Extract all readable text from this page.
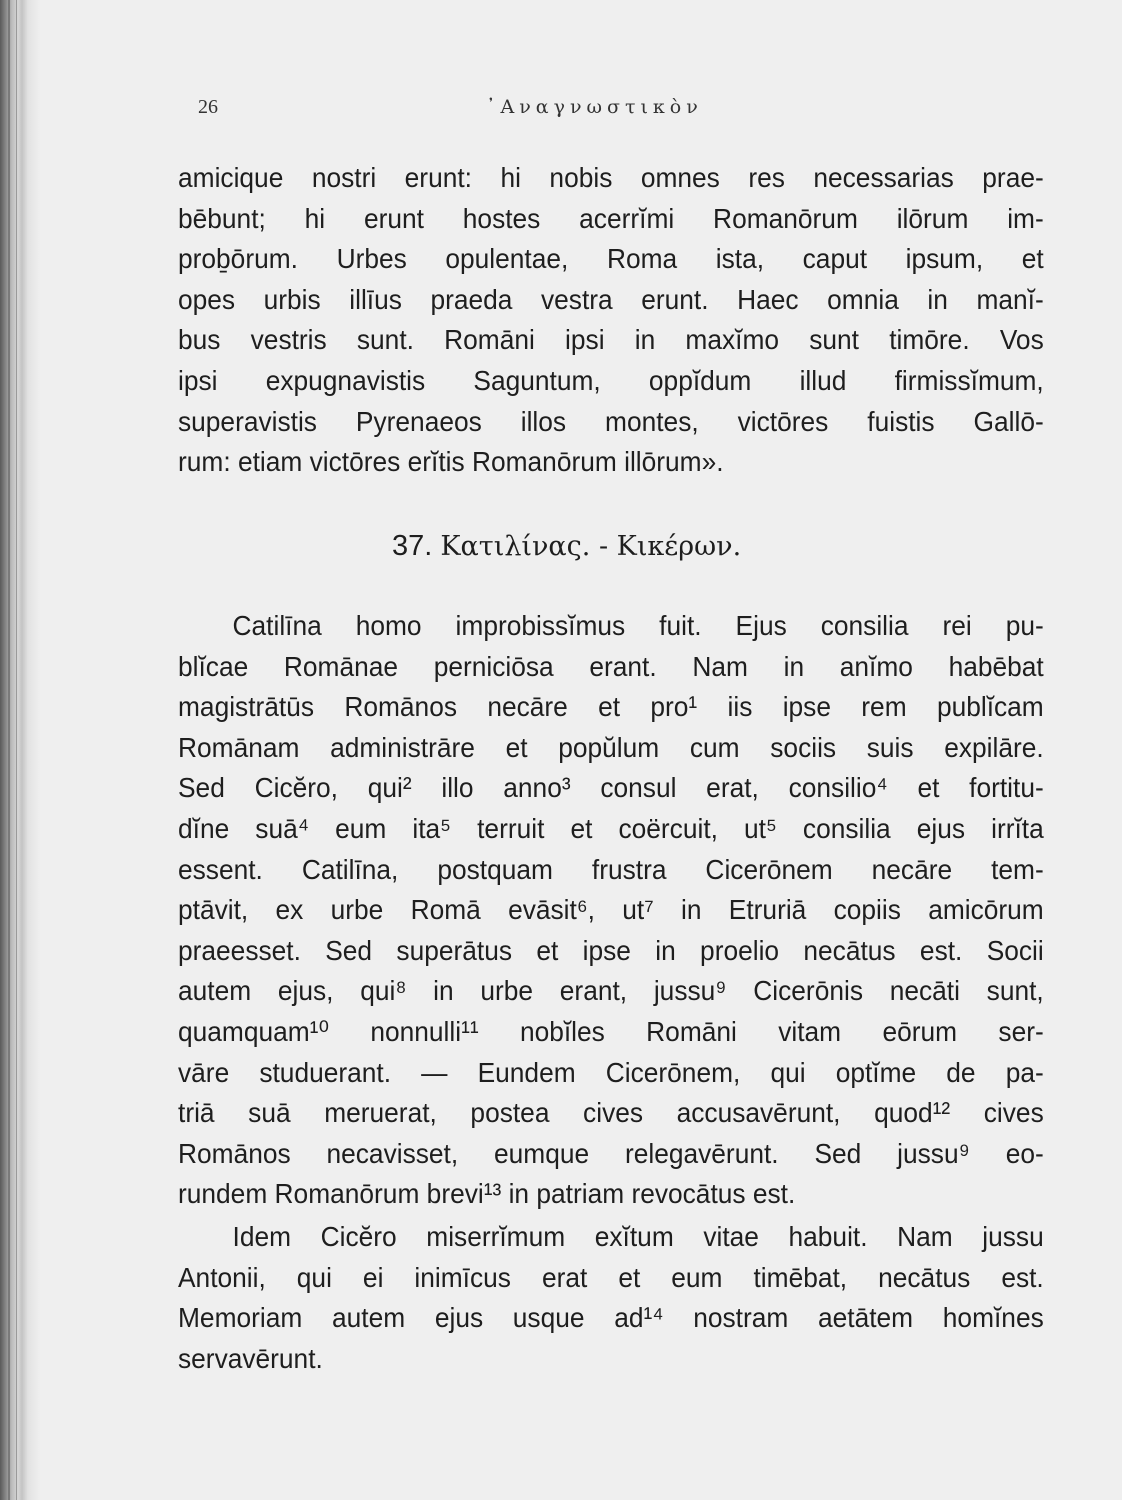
26	᾿Αναγνωστικὸν
amicique nostri erunt: hi nobis omnes res necessarias prae-
bēbunt; hi erunt hostes acerrĭmi Romanōrum ilōrum im-
proḇōrum. Urbes opulentae, Roma ista, caput ipsum, et
opes urbis illīus praeda vestra erunt. Haec omnia in manĭ-
bus vestris sunt. Romāni ipsi in maxĭmo sunt timōre. Vos
ipsi expugnavistis Saguntum, oppĭdum illud firmissĭmum,
superavistis Pyrenaeos illos montes, victōres fuistis Gallō-
rum: etiam victōres erĭtis Romanōrum illōrum».
37. Κατιλίνας. - Κικέρων.
Catilīna homo improbissĭmus fuit. Ejus consilia rei pu-
blĭcae Romānae perniciōsa erant. Nam in anĭmo habēbat
magistrātūs Romānos necāre et pro¹ iis ipse rem publĭcam
Romānam administrāre et popŭlum cum sociis suis expilāre.
Sed Cicĕro, qui² illo anno³ consul erat, consilio⁴ et fortitu-
dĭne suā⁴ eum ita⁵ terruit et coërcuit, ut⁵ consilia ejus irrĭta
essent. Catilīna, postquam frustra Cicerōnem necāre tem-
ptāvit, ex urbe Romā evāsit⁶, ut⁷ in Etruriā copiis amicōrum
praeesset. Sed superātus et ipse in proelio necātus est. Socii
autem ejus, qui⁸ in urbe erant, jussu⁹ Cicerōnis necāti sunt,
quamquam¹⁰ nonnulli¹¹ nobĭles Romāni vitam eōrum ser-
vāre studuerant. — Eundem Cicerōnem, qui optĭme de pa-
triā suā meruerat, postea cives accusavērunt, quod¹² cives
Romānos necavisset, eumque relegavērunt. Sed jussu⁹ eo-
rundem Romanōrum brevi¹³ in patriam revocātus est.
Idem Cicĕro miserrĭmum exĭtum vitae habuit. Nam jussu
Antonii, qui ei inimīcus erat et eum timēbat, necātus est.
Memoriam autem ejus usque ad¹⁴ nostram aetātem homĭnes
servavērunt.
